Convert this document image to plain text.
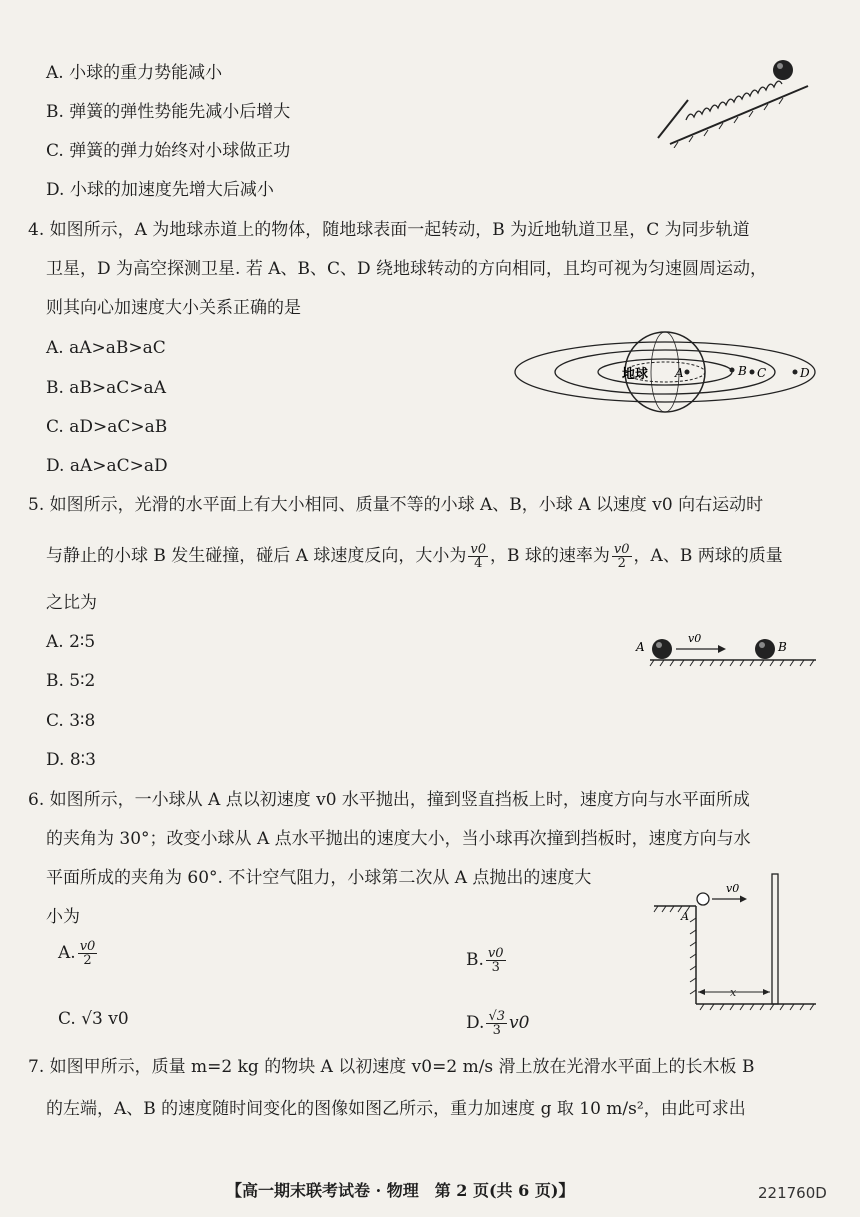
A. 小球的重力势能减小
B. 弹簧的弹性势能先减小后增大
C. 弹簧的弹力始终对小球做正功
D. 小球的加速度先增大后减小
4. 如图所示，A 为地球赤道上的物体，随地球表面一起转动，B 为近地轨道卫星，C 为同步轨道
卫星，D 为高空探测卫星. 若 A、B、C、D 绕地球转动的方向相同，且均可视为匀速圆周运动，
则其向心加速度大小关系正确的是
A. aA>aB>aC
B. aB>aC>aA
C. aD>aC>aB
D. aA>aC>aD
地球 A	B C	D
5. 如图所示，光滑的水平面上有大小相同、质量不等的小球 A、B，小球 A 以速度 v0 向右运动时
与静止的小球 B 发生碰撞，碰后 A 球速度反向，大小为 $\frac{v0}{4}$ ，B 球的速率为 $\frac{v0}{2}$ ，A、B 两球的质量
之比为
A. 2∶5
B. 5∶2
C. 3∶8
D. 8∶3
A
v0
B
6. 如图所示，一小球从 A 点以初速度 v0 水平抛出，撞到竖直挡板上时，速度方向与水平面所成
的夹角为 30°；改变小球从 A 点水平抛出的速度大小，当小球再次撞到挡板时，速度方向与水
平面所成的夹角为 60°. 不计空气阻力，小球第二次从 A 点抛出的速度大
小为
A. $\frac{v0}{2}$	B. $\frac{v0}{3}$
C. √3 v0	D. $\frac{√3}{3} v0$
v0
A
x
7. 如图甲所示，质量 m=2 kg 的物块 A 以初速度 v0=2 m/s 滑上放在光滑水平面上的长木板 B
的左端，A、B 的速度随时间变化的图像如图乙所示，重力加速度 g 取 10 m/s²，由此可求出
【高一期末联考试卷 · 物理　第 2 页(共 6 页)】	221760D
